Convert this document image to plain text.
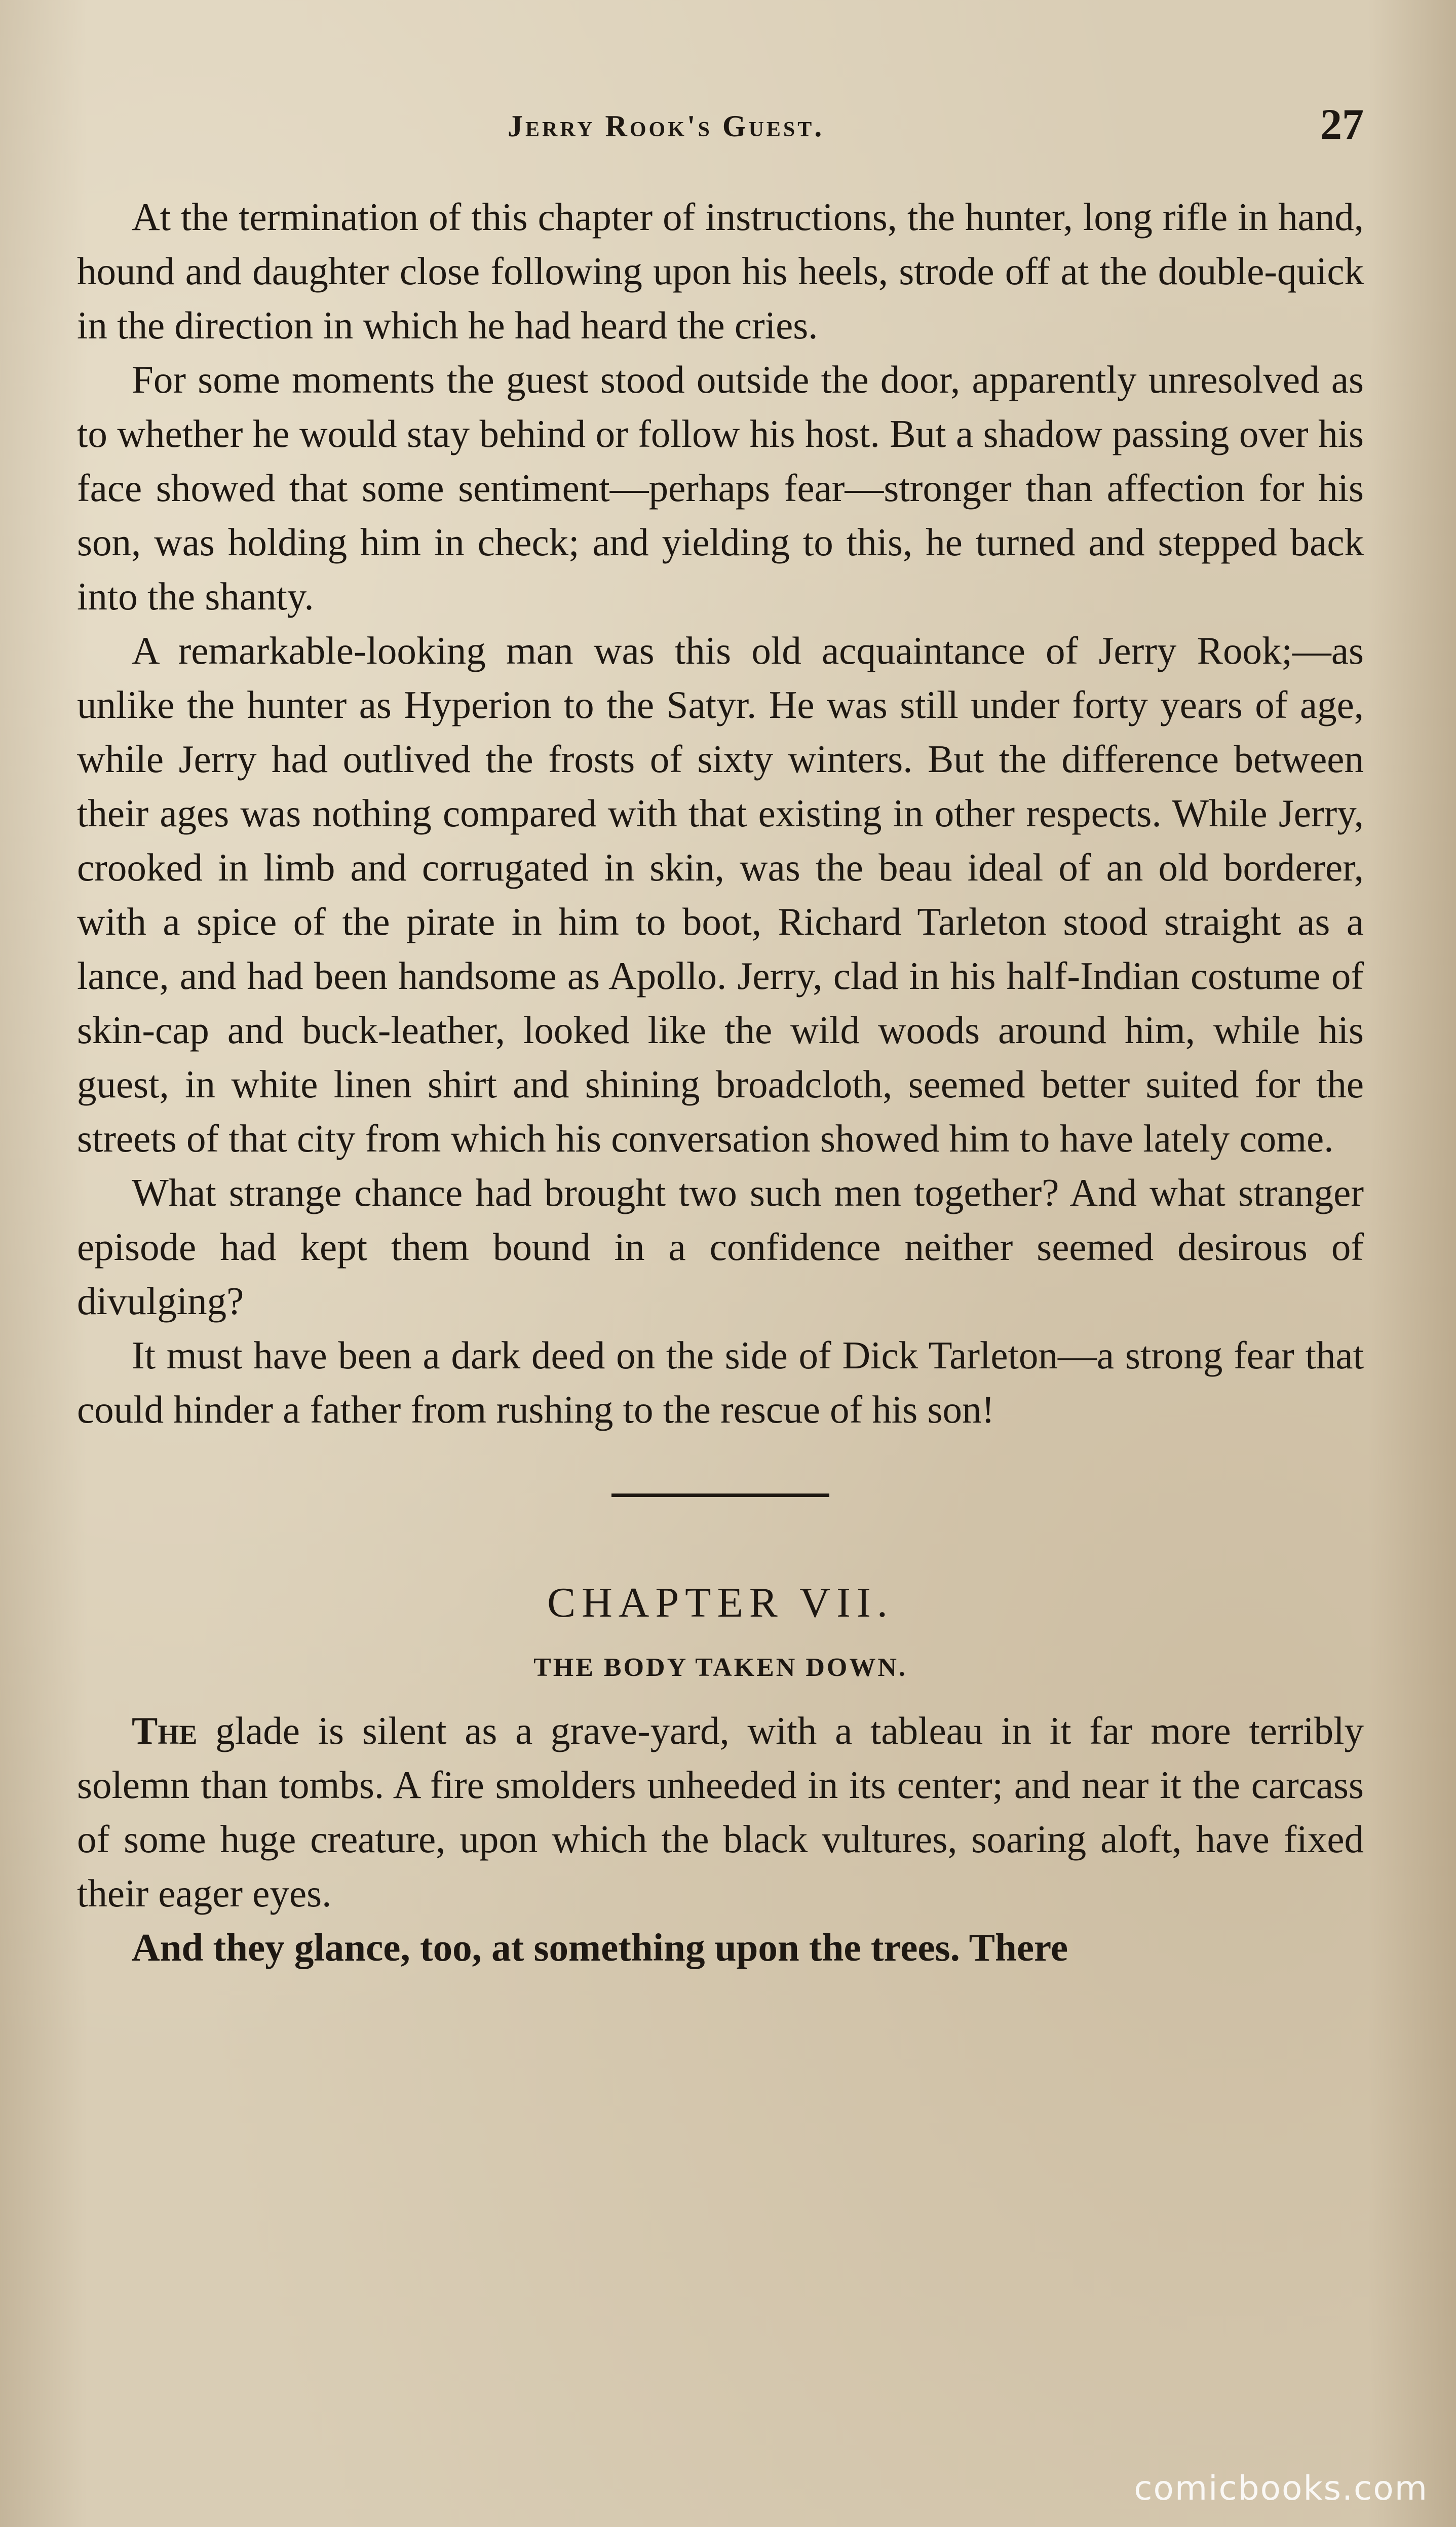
Jerry Rook's Guest.	27

At the termination of this chapter of instructions, the hunter, long rifle in hand, hound and daughter close following upon his heels, strode off at the double-quick in the direction in which he had heard the cries.

For some moments the guest stood outside the door, apparently unresolved as to whether he would stay behind or follow his host. But a shadow passing over his face showed that some sentiment—perhaps fear—stronger than affection for his son, was holding him in check; and yielding to this, he turned and stepped back into the shanty.

A remarkable-looking man was this old acquaintance of Jerry Rook;—as unlike the hunter as Hyperion to the Satyr. He was still under forty years of age, while Jerry had outlived the frosts of sixty winters. But the difference between their ages was nothing compared with that existing in other respects. While Jerry, crooked in limb and corrugated in skin, was the beau ideal of an old borderer, with a spice of the pirate in him to boot, Richard Tarleton stood straight as a lance, and had been handsome as Apollo. Jerry, clad in his half-Indian costume of skin-cap and buck-leather, looked like the wild woods around him, while his guest, in white linen shirt and shining broadcloth, seemed better suited for the streets of that city from which his conversation showed him to have lately come.

What strange chance had brought two such men together? And what stranger episode had kept them bound in a confidence neither seemed desirous of divulging?

It must have been a dark deed on the side of Dick Tarleton—a strong fear that could hinder a father from rushing to the rescue of his son!

CHAPTER VII.
THE BODY TAKEN DOWN.

The glade is silent as a grave-yard, with a tableau in it far more terribly solemn than tombs. A fire smolders unheeded in its center; and near it the carcass of some huge creature, upon which the black vultures, soaring aloft, have fixed their eager eyes.

And they glance, too, at something upon the trees. There

comicbooks.com
